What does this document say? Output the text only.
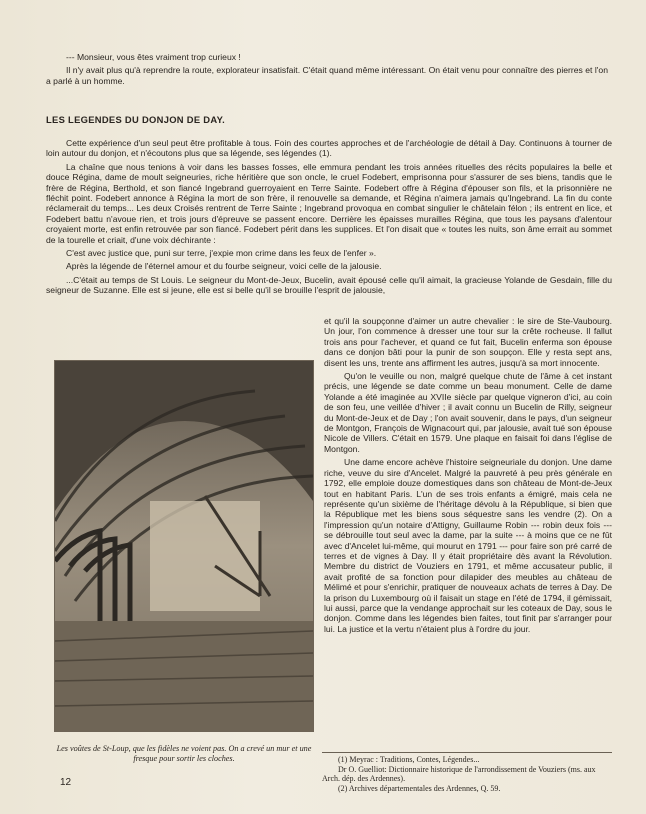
--- Monsieur, vous êtes vraiment trop curieux !

Il n'y avait plus qu'à reprendre la route, explorateur insatisfait. C'était quand même intéressant. On était venu pour connaître des pierres et l'on a parlé à un homme.

LES LEGENDES DU DONJON DE DAY.

Cette expérience d'un seul peut être profitable à tous. Foin des courtes approches et de l'archéologie de détail à Day. Continuons à tourner de loin autour du donjon, et n'écoutons plus que sa légende, ses légendes (1).

La chaîne que nous tenions à voir dans les basses fosses, elle emmura pendant les trois années rituelles des récits populaires la belle et douce Régina, dame de moult seigneuries, riche héritière que son oncle, le cruel Fodebert, emprisonna pour s'assurer de ses biens, tandis que le frère de Régina, Berthold, et son fiancé Ingebrand guerroyaient en Terre Sainte. Fodebert offre à Régina d'épouser son fils, et la prisonnière ne fléchit point. Fodebert annonce à Régina la mort de son frère, il renouvelle sa demande, et Régina n'aimera jamais qu'Ingebrand. La fin du conte réclamerait du temps... Les deux Croisés rentrent de Terre Sainte ; Ingebrand provoqua en combat singulier le châtelain félon ; ils entrent en lice, et Fodebert battu n'avoue rien, et trois jours d'épreuve se passent encore. Derrière les épaisses murailles Régina, que tous les paysans d'alentour croyaient morte, est enfin retrouvée par son fiancé. Fodebert périt dans les supplices. Et l'on disait que « toutes les nuits, son âme errait au sommet de la tourelle et criait, d'une voix déchirante :

C'est avec justice que, puni sur terre, j'expie mon crime dans les feux de l'enfer ».

Après la légende de l'éternel amour et du fourbe seigneur, voici celle de la jalousie.

...C'était au temps de St Louis. Le seigneur du Mont-de-Jeux, Bucelin, avait épousé celle qu'il aimait, la gracieuse Yolande de Gesdain, fille du seigneur de Suzanne. Elle est si jeune, elle est si belle qu'il se brouille l'esprit de jalousie,

et qu'il la soupçonne d'aimer un autre chevalier : le sire de Ste-Vaubourg. Un jour, l'on commence à dresser une tour sur la crête rocheuse. Il fallut trois ans pour l'achever, et quand ce fut fait, Bucelin enferma son épouse dans ce donjon bâti pour la punir de son soupçon. Elle y resta sept ans, disent les uns, trente ans affirment les autres, jusqu'à sa mort innocente.

Qu'on le veuille ou non, malgré quelque chute de l'âme à cet instant précis, une légende se date comme un beau monument. Celle de dame Yolande a été imaginée au XVIIe siècle par quelque vigneron d'ici, au coin de son feu, une veillée d'hiver ; il avait connu un Bucelin de Rilly, seigneur du Mont-de-Jeux et de Day ; l'on avait souvenir, dans le pays, d'un seigneur de Montgon, François de Wignacourt qui, par jalousie, avait tué son épouse Nicole de Villers. C'était en 1579. Une plaque en faisait foi dans l'église de Montgon.

Une dame encore achève l'histoire seigneuriale du donjon. Une dame riche, veuve du sire d'Ancelet. Malgré la pauvreté à peu près générale en 1792, elle emploie douze domestiques dans son château de Mont-de-Jeux tout en habitant Paris. L'un de ses trois enfants a émigré, mais cela ne représente qu'un sixième de l'héritage dévolu à la République, si bien que la République met les biens sous séquestre sans les vendre (2). On a l'impression qu'un notaire d'Attigny, Guillaume Robin --- robin deux fois --- se débrouille tout seul avec la dame, par la suite --- à moins que ce ne fût avec d'Ancelet lui-même, qui mourut en 1791 --- pour faire son pré carré de terres et de vignes à Day. Il y était propriétaire dès avant la Révolution. Membre du district de Vouziers en 1791, et même accusateur public, il avait profité de sa fonction pour dilapider des meubles au château de Mélimé et pour s'enrichir, pratiquer de nouveaux achats de terres à Day. De la prison du Luxembourg où il faisait un stage en l'été de 1794, il gémissait, lui aussi, parce que la vendange approchait sur les coteaux de Day, sous le donjon. Comme dans les légendes bien faites, tout finit par s'arranger pour lui. La justice et la vertu n'étaient plus à l'ordre du jour.

Les voûtes de St-Loup, que les fidèles ne voient pas. On a crevé un mur et une fresque pour sortir les cloches.	(1) Meyrac : Traditions, Contes, Légendes...
Dr O. Guelliot: Dictionnaire historique de l'arrondissement de Vouziers (ms. aux Arch. dép. des Ardennes).
(2) Archives départementales des Ardennes, Q. 59.
12
